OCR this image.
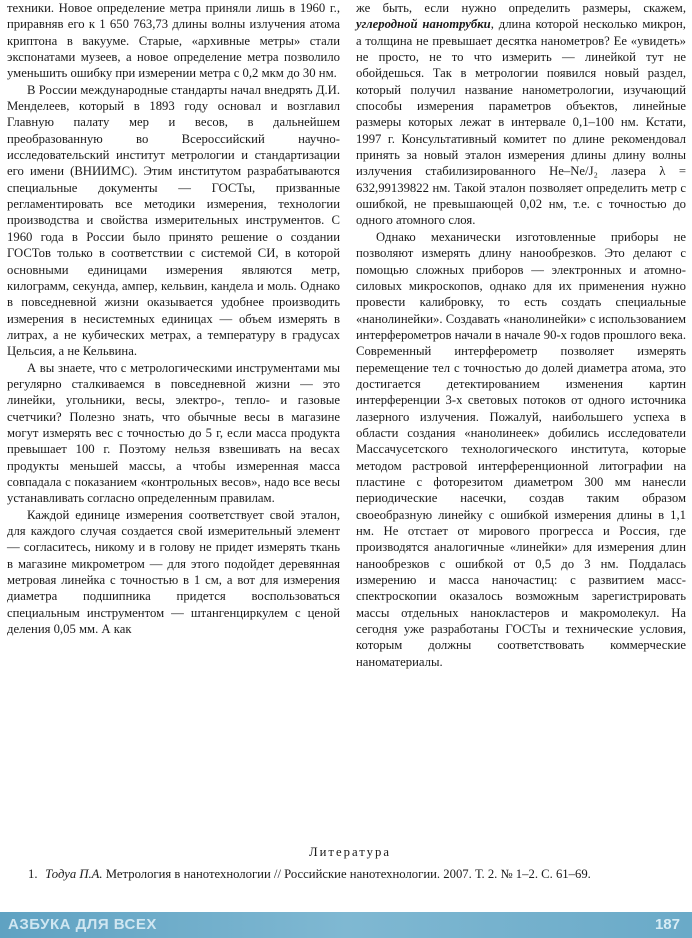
техники. Новое определение метра приняли лишь в 1960 г., приравняв его к 1 650 763,73 длины волны излучения атома криптона в вакууме. Старые, «архивные метры» стали экспонатами музеев, а новое определение метра позволило уменьшить ошибку при измерении метра с 0,2 мкм до 30 нм.

В России международные стандарты начал внедрять Д.И. Менделеев, который в 1893 году основал и возглавил Главную палату мер и весов, в дальнейшем преобразованную во Всероссийский научно-исследовательский институт метрологии и стандартизации его имени (ВНИИМС). Этим институтом разрабатываются специальные документы — ГОСТы, призванные регламентировать все методики измерения, технологии производства и свойства измерительных инструментов. С 1960 года в России было принято решение о создании ГОСТов только в соответствии с системой СИ, в которой основными единицами измерения являются метр, килограмм, секунда, ампер, кельвин, кандела и моль. Однако в повседневной жизни оказывается удобнее производить измерения в несистемных единицах — объем измерять в литрах, а не кубических метрах, а температуру в градусах Цельсия, а не Кельвина.

А вы знаете, что с метрологическими инструментами мы регулярно сталкиваемся в повседневной жизни — это линейки, угольники, весы, электро-, тепло- и газовые счетчики? Полезно знать, что обычные весы в магазине могут измерять вес с точностью до 5 г, если масса продукта превышает 100 г. Поэтому нельзя взвешивать на весах продукты меньшей массы, а чтобы измеренная масса совпадала с показанием «контрольных весов», надо все весы устанавливать согласно определенным правилам.

Каждой единице измерения соответствует свой эталон, для каждого случая создается свой измерительный элемент — согласитесь, никому и в голову не придет измерять ткань в магазине микрометром — для этого подойдет деревянная метровая линейка с точностью в 1 см, а вот для измерения диаметра подшипника придется воспользоваться специальным инструментом — штангенциркулем с ценой деления 0,05 мм. А как

же быть, если нужно определить размеры, скажем, углеродной нанотрубки, длина которой несколько микрон, а толщина не превышает десятка нанометров? Ее «увидеть» не просто, не то что измерить — линейкой тут не обойдешься. Так в метрологии появился новый раздел, который получил название нанометрологии, изучающий способы измерения параметров объектов, линейные размеры которых лежат в интервале 0,1–100 нм. Кстати, 1997 г. Консультативный комитет по длине рекомендовал принять за новый эталон измерения длины длину волны излучения стабилизированного He–Ne/J₂ лазера λ = 632,99139822 нм. Такой эталон позволяет определить метр с ошибкой, не превышающей 0,02 нм, т.е. с точностью до одного атомного слоя.

Однако механически изготовленные приборы не позволяют измерять длину нанообрезков. Это делают с помощью сложных приборов — электронных и атомно-силовых микроскопов, однако для их применения нужно провести калибровку, то есть создать специальные «нанолинейки». Создавать «нанолинейки» с использованием интерферометров начали в начале 90-х годов прошлого века. Современный интерферометр позволяет измерять перемещение тел с точностью до долей диаметра атома, это достигается детектированием изменения картин интерференции 3-х световых потоков от одного источника лазерного излучения. Пожалуй, наибольшего успеха в области создания «нанолинеек» добились исследователи Массачусетского технологического института, которые методом растровой интерференционной литографии на пластине с фоторезитом диаметром 300 мм нанесли периодические насечки, создав таким образом своеобразную линейку с ошибкой измерения длины в 1,1 нм. Не отстает от мирового прогресса и Россия, где производятся аналогичные «линейки» для измерения длин нанообрезков с ошибкой от 0,5 до 3 нм. Поддалась измерению и масса наночастиц: с развитием масс-спектроскопии оказалось возможным зарегистрировать массы отдельных нанокластеров и макромолекул. На сегодня уже разработаны ГОСТы и технические условия, которым должны соответствовать коммерческие наноматериалы.

Литература
1. Тодуа П.А. Метрология в нанотехнологии // Российские нанотехнологии. 2007. Т. 2. № 1–2. С. 61–69.
АЗБУКА ДЛЯ ВСЕХ	187
